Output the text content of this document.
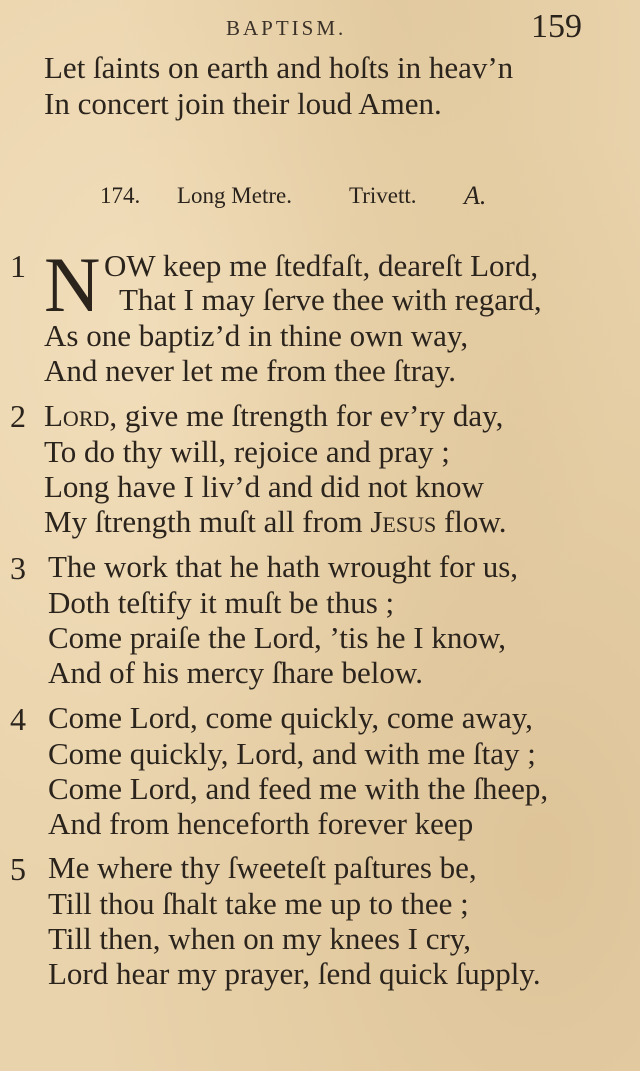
BAPTISM.	159
Let ſaints on earth and hoſts in heav’n
In concert join their loud Amen.
174. Long Metre. Trivett. A.
1 N OW keep me ſtedfaſt, deareſt Lord,
That I may ſerve thee with regard,
As one baptiz’d in thine own way,
And never let me from thee ſtray.
2 Lord, give me ſtrength for ev’ry day,
To do thy will, rejoice and pray ;
Long have I liv’d and did not know
My ſtrength muſt all from Jesus flow.
3 The work that he hath wrought for us,
Doth teſtify it muſt be thus ;
Come praiſe the Lord, ’tis he I know,
And of his mercy ſhare below.
4 Come Lord, come quickly, come away,
Come quickly, Lord, and with me ſtay ;
Come Lord, and feed me with the ſheep,
And from henceforth forever keep
5 Me where thy ſweeteſt paſtures be,
Till thou ſhalt take me up to thee ;
Till then, when on my knees I cry,
Lord hear my prayer, ſend quick ſupply.
